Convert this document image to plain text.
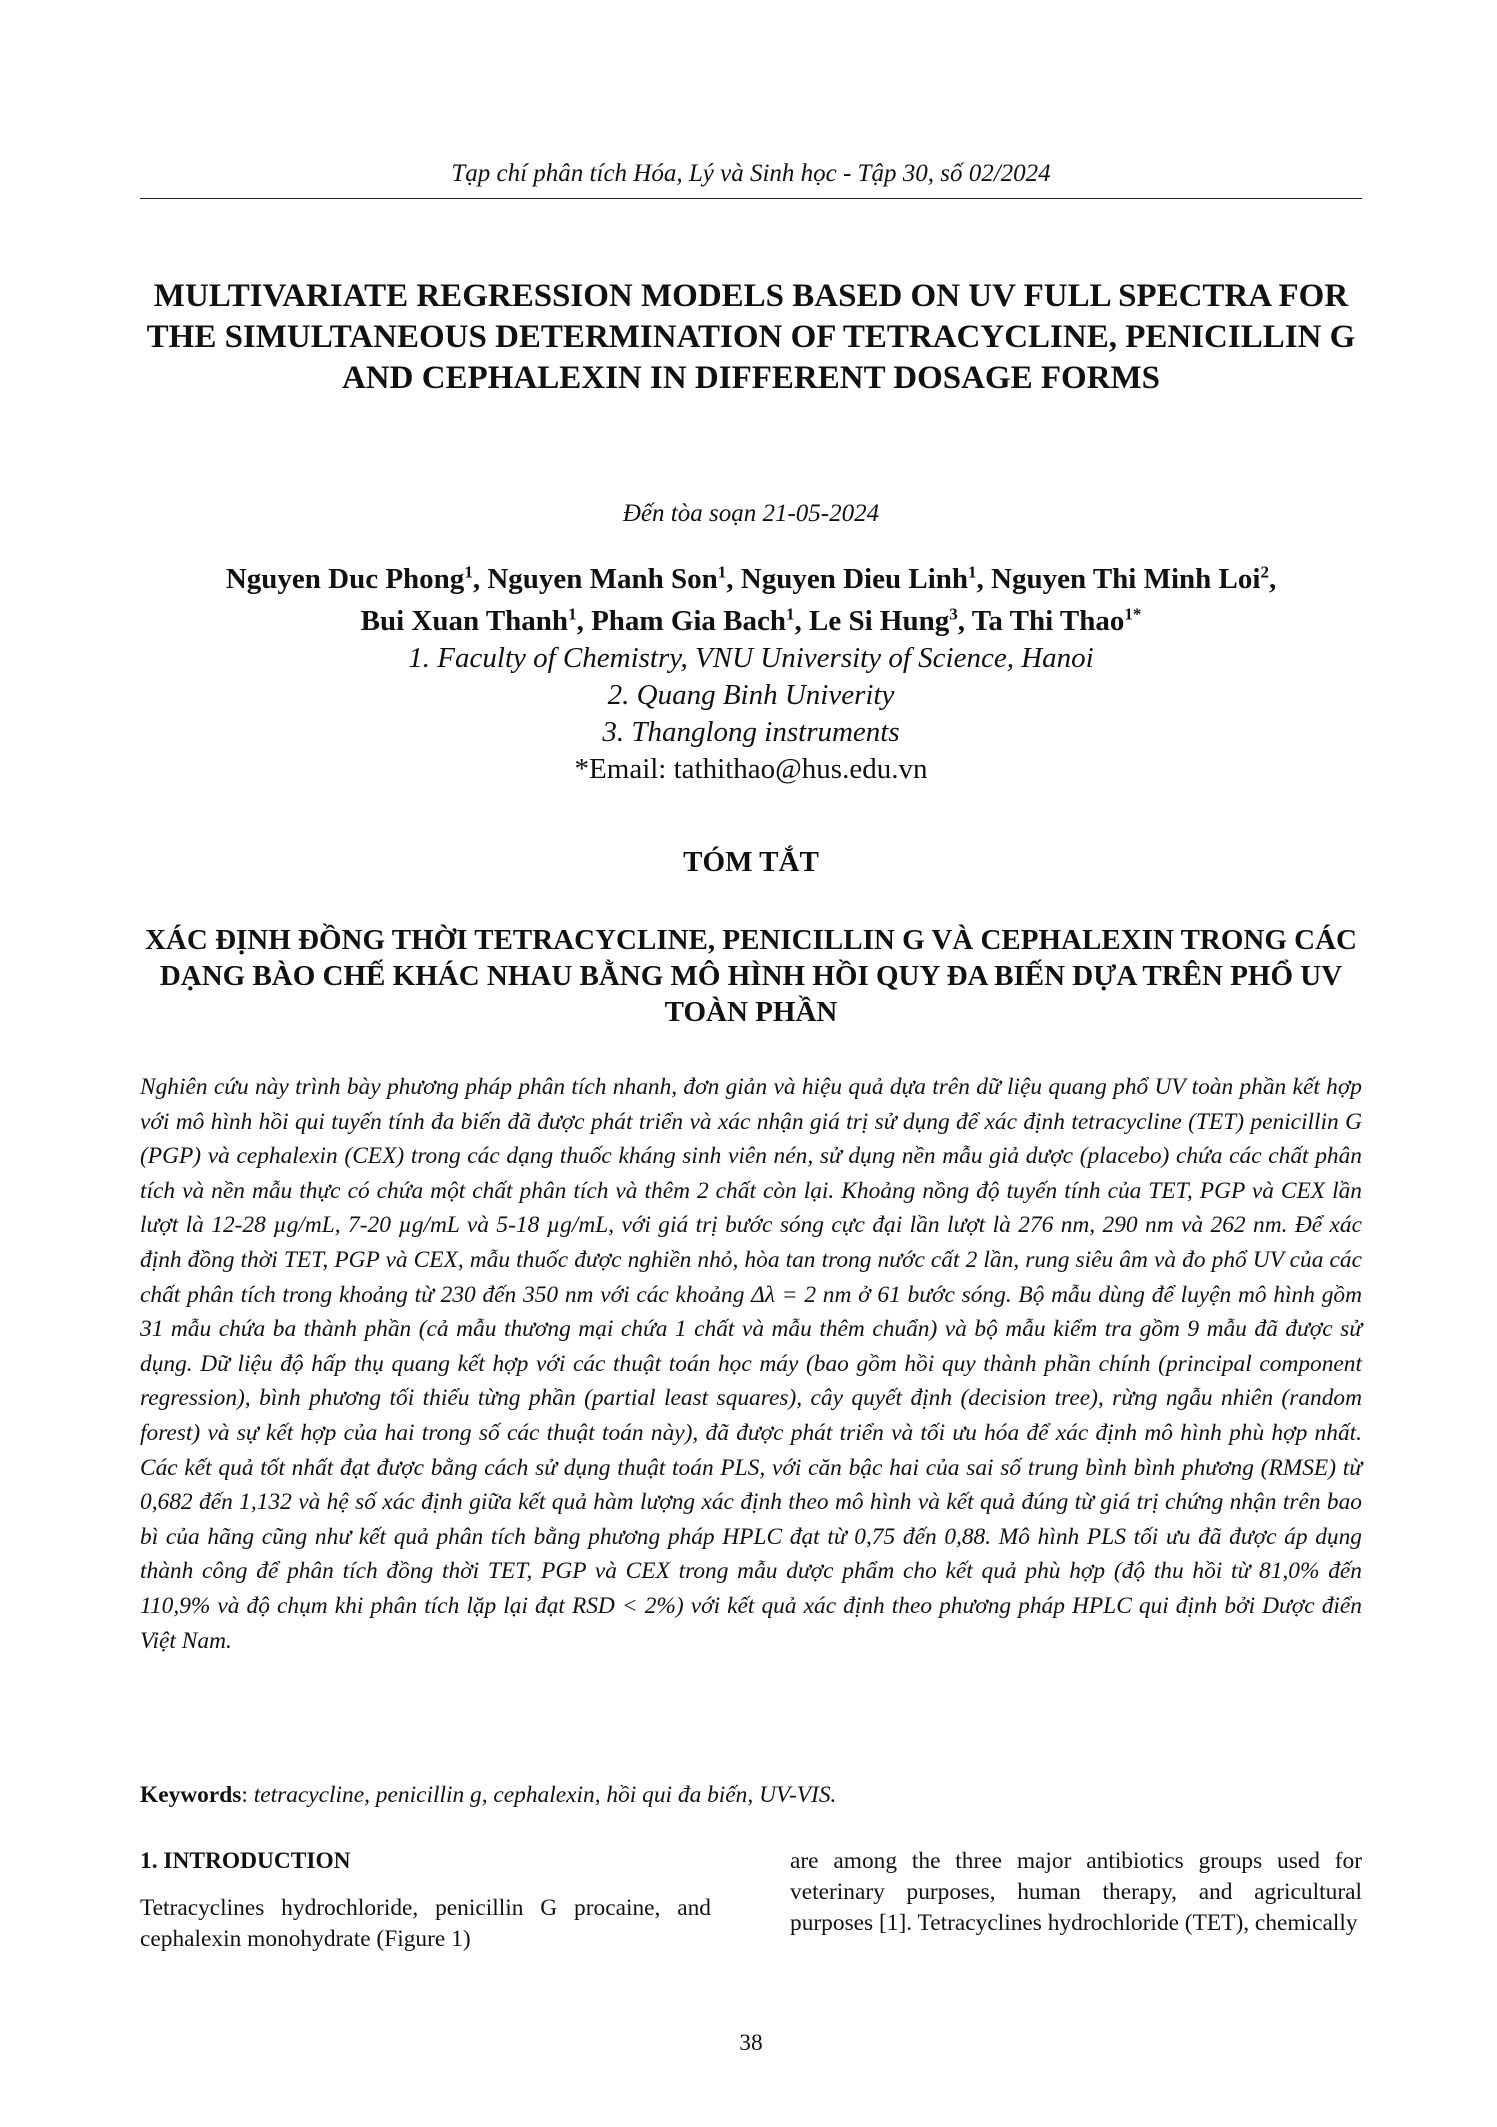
Tạp chí phân tích Hóa, Lý và Sinh học - Tập 30, số 02/2024
MULTIVARIATE REGRESSION MODELS BASED ON UV FULL SPECTRA FOR THE SIMULTANEOUS DETERMINATION OF TETRACYCLINE, PENICILLIN G AND CEPHALEXIN IN DIFFERENT DOSAGE FORMS
Đến tòa soạn 21-05-2024
Nguyen Duc Phong$^1$, Nguyen Manh Son$^1$, Nguyen Dieu Linh$^1$, Nguyen Thi Minh Loi$^2$,
Bui Xuan Thanh$^1$, Pham Gia Bach$^1$, Le Si Hung$^3$, Ta Thi Thao$^{1*}$
1. Faculty of Chemistry, VNU University of Science, Hanoi
2. Quang Binh Univerity
3. Thanglong instruments
*Email: tathithao@hus.edu.vn
TÓM TẮT
XÁC ĐỊNH ĐỒNG THỜI TETRACYCLINE, PENICILLIN G VÀ CEPHALEXIN TRONG CÁC DẠNG BÀO CHẾ KHÁC NHAU BẰNG MÔ HÌNH HỒI QUY ĐA BIẾN DỰA TRÊN PHỔ UV TOÀN PHẦN

Nghiên cứu này trình bày phương pháp phân tích nhanh, đơn giản và hiệu quả dựa trên dữ liệu quang phổ UV toàn phần kết hợp với mô hình hồi qui tuyến tính đa biến đã được phát triển và xác nhận giá trị sử dụng để xác định tetracycline (TET) penicillin G (PGP) và cephalexin (CEX) trong các dạng thuốc kháng sinh viên nén, sử dụng nền mẫu giả dược (placebo) chứa các chất phân tích và nền mẫu thực có chứa một chất phân tích và thêm 2 chất còn lại. Khoảng nồng độ tuyến tính của TET, PGP và CEX lần lượt là 12-28 µg/mL, 7-20 µg/mL và 5-18 µg/mL, với giá trị bước sóng cực đại lần lượt là 276 nm, 290 nm và 262 nm. Để xác định đồng thời TET, PGP và CEX, mẫu thuốc được nghiền nhỏ, hòa tan trong nước cất 2 lần, rung siêu âm và đo phổ UV của các chất phân tích trong khoảng từ 230 đến 350 nm với các khoảng Δλ = 2 nm ở 61 bước sóng. Bộ mẫu dùng để luyện mô hình gồm 31 mẫu chứa ba thành phần (cả mẫu thương mại chứa 1 chất và mẫu thêm chuẩn) và bộ mẫu kiểm tra gồm 9 mẫu đã được sử dụng. Dữ liệu độ hấp thụ quang kết hợp với các thuật toán học máy (bao gồm hồi quy thành phần chính (principal component regression), bình phương tối thiểu từng phần (partial least squares), cây quyết định (decision tree), rừng ngẫu nhiên (random forest) và sự kết hợp của hai trong số các thuật toán này), đã được phát triển và tối ưu hóa để xác định mô hình phù hợp nhất. Các kết quả tốt nhất đạt được bằng cách sử dụng thuật toán PLS, với căn bậc hai của sai số trung bình bình phương (RMSE) từ 0,682 đến 1,132 và hệ số xác định giữa kết quả hàm lượng xác định theo mô hình và kết quả đúng từ giá trị chứng nhận trên bao bì của hãng cũng như kết quả phân tích bằng phương pháp HPLC đạt từ 0,75 đến 0,88. Mô hình PLS tối ưu đã được áp dụng thành công để phân tích đồng thời TET, PGP và CEX trong mẫu dược phẩm cho kết quả phù hợp (độ thu hồi từ 81,0% đến 110,9% và độ chụm khi phân tích lặp lại đạt RSD < 2%) với kết quả xác định theo phương pháp HPLC qui định bởi Dược điển Việt Nam.

Keywords: tetracycline, penicillin g, cephalexin, hồi qui đa biến, UV-VIS.
1. INTRODUCTION

Tetracyclines hydrochloride, penicillin G procaine, and cephalexin monohydrate (Figure 1)

are among the three major antibiotics groups used for veterinary purposes, human therapy, and agricultural purposes [1]. Tetracyclines hydrochloride (TET), chemically

38
